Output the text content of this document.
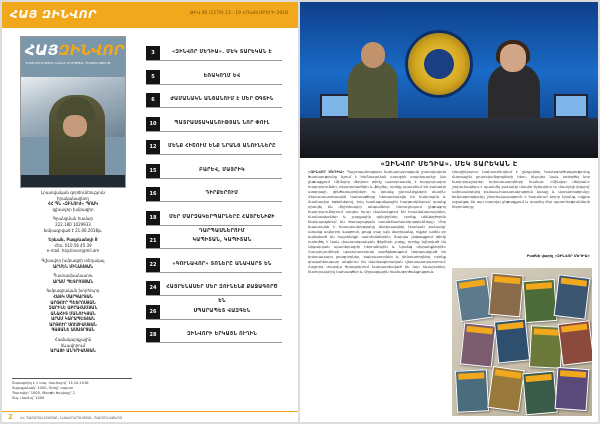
ՀԱՅ ԶԻՆՎՈՐ	ԹԻՎ 40 (1279) 13 - 19 ՀՈԿՏԵՄԲԵՐԻ 2018
ՀԱՅԶԻՆՎՈՐ
ՊԱՇՏՊԱՆՈՒԹՅԱՆ ՆԱԽԱՐԱՐՈՒԹՅԱՆ ՊԱՇՏՈՆԱԹԵՐԹ
Լրատվական գործունեություն
իրականացնող
ՀՀ ՊՆ «ԶԻՆՈՒԺ» ՊՈԱԿ
գլխավոր խմբագիր
Գրանցման համար
222.180 1029933
Խմբագրված է 21.06.2018թ.
Երևան, Բագրևանդի 8
Հեռ. 010 56 45 39
e-mail: hayzinvor@mil.am
Գլխավոր խմբագրի տեղակալ
ԱՐՄԵՆ ՄԻՆԱՍՅԱՆ
Պատասխանատու
ԱՐԱՄ ՊԵՏՐՈՍՅԱՆ
Խմբագրական խորհուրդ
ՀԱՅԿ ՄԱՐԳԱՐՅԱՆ
ԱՐԹՈՒՐ ՊԵՏՐՈՍՅԱՆ
ԶԱՐԻՆԵ ԱԲՐԱՀԱՄՅԱՆ
ԱՆԱՀԻՏ ՄԱՆՈՒԿՅԱՆ
ԱՐԱՄ ԿԱՐԱՊԵՏՅԱՆ
ԱՐԹՈՒՐ ՍՈՒՔԻԱՍՅԱՆ
ԳԱՅԱՆԵ ԱՍԱՏՐՅԱՆ
Համակարգչային
ձևավորում
ԱՐԱՅԻ ԱՆԴՐԻԱՍՅԱՆ
Տպագրվել է 1 տպ. մամուլով՝ 13.10.2018
Տպաքանակ՝ 1000, Գինը՝ ազատ
Պատվեր՝ 1000, Թերթի ծավալը՝ 2
Տպ. մամուլ՝ 1000
3	«ԶԻՆՎՈՐ ՄԵԴԻԱ». ՄԵԿ ՏԱՐԵԿԱՆ Է
5	ԵՌԱԿՈՂՄ ԵՎ
6	ԺԱՄԱՆԱԿՆ ԱՆՑԱՆՈՒՄ Է ՄԵՐ ՕԳՏԻՆ
10	ՊԱՏՐԱՍՏԱԿԱՆՈՒԹՅԱՆ ՆՈՐ ՓՈՒԼ
12	ՄԵՆՔ ՀԻՇՈՒՄ ԵՆՔ ՆՐԱՆՑ ԱՆՈՒՆՆԵՐԸ
15	ԲԱՐԵՎ, ՄԱՅՐԻԿ
16	ԴԻՐՔԵՐՈՒՄ
18	ՄԵՐ ՄԱՐԶԱԿԵՐՊԱՐՆԵՐԸ ՀԱՅՐԵՆԻՔԻ ԴԱՐՊԱՍՆԵՐՈՒՄ
21	ԿԱՊԻՏԱՆ, ԿԱՊԻՏԱՆ
22	«ԳՈՒՆԱՎՈՐ» ՏՈՆԵՐԸ ԱՆԱՎԱՐՏ ԵՆ
24	ՀԱՅՐԵՆԱՍԵՐ ՄԵՐ ԶՈՒՆԵՆՔ ՔԱՋԱԳՈՐԾ ԵՆ
26	ՍՊԱՐԱՊԵՏ ՎԱԶԳԵՆ
28	ԶԻՆՎՈՐԻ ԵՐԿԱՅՆ ՈՒՂԻՆ
2 ՀՀ ՊԱՇՏՊԱՆՈՒԹՅԱՆ ՆԱԽԱՐԱՐՈՒԹՅԱՆ ՊԱՇՏՈՆԱԹԵՐԹ
«ԶԻՆՎՈՐ ՄԵԴԻԱ». ՄԵԿ ՏԱՐԵԿԱՆ Է
«ԶԻՆՎՈՐ ՄԵԴԻԱ» Պաշտպանության նախարարության լրատվական ծառայությունը նշում է հիմնադրման առաջին տարեդարձը: Այս ընթացքում «Զինվոր մեդիա» թիմը պատրաստել է հարյուրավոր հաղորդումներ, ռեպորտաժներ և ֆիլմեր, որոնք պատմում են բանակի առօրյայի, զինծառայողների ու նրանց ընտանիքների մասին: Հեռուստատեսային նախագծերը հեռարձակվել են հանրային և մասնավոր եթերներով, իսկ համացանցային հարթակներում դրանք դիտվել են միլիոնավոր անգամներ: Ստուդիայում ընթացող հաղորդումներում որպես հյուր մասնակցում են հրամանատարներ, մասնագետներ և շարքային զինվորներ, որոնք անկեղծորեն ներկայացնում են ծառայության առանձնահատկությունները: Մեր նպատակն է հասարակությանը ներկայացնել իրական բանակը՝ առանց ավելորդ պաթոսի, ցույց տալ այն մարդկանց, ովքեր ամեն օր կանգնած են հայրենիքի սահմաններին: Տարվա ընթացքում թիմը ստեղծել է նաև փաստագրական ֆիլմերի շարք, որոնք նվիրված են Արցախյան պատերազմի հերոսներին և նրանց սխրանքներին: Հաղորդումների պատրաստման գործընթացում ներգրավված են երիտասարդ լրագրողներ, օպերատորներ և մոնտաժողներ, որոնք զուգահեռաբար անցնում են մասնագիտական վերապատրաստում: Հաջորդ տարվա ծրագրերում նախատեսված են նոր ձևաչափեր, ինտերակտիվ նախագծեր և միջազգային համագործակցություն:
Առաջիկայում նախատեսվում է ընդլայնել համագործակցությունը մարզային լրատվամիջոցների հետ, ինչպես նաև ստեղծել նոր հաղորդաշարեր երիտասարդների համար: «Զինվոր մեդիան» շարունակելու է պատմել բանակի մասին ճշմարիտ ու մատչելի լեզվով՝ ամրապնդելով բանակ-հասարակություն կապը և վստահությունը: Խմբագրությունը շնորհակալություն է հայտնում բոլոր նրանց, ովքեր աջակցել են այս տարվա ընթացքում և դարձել մեր պատմությունների հերոսները:
Բաժնի վարիչ «ԶԻՆՎՈՐ ՄԵԴԻԱ»
